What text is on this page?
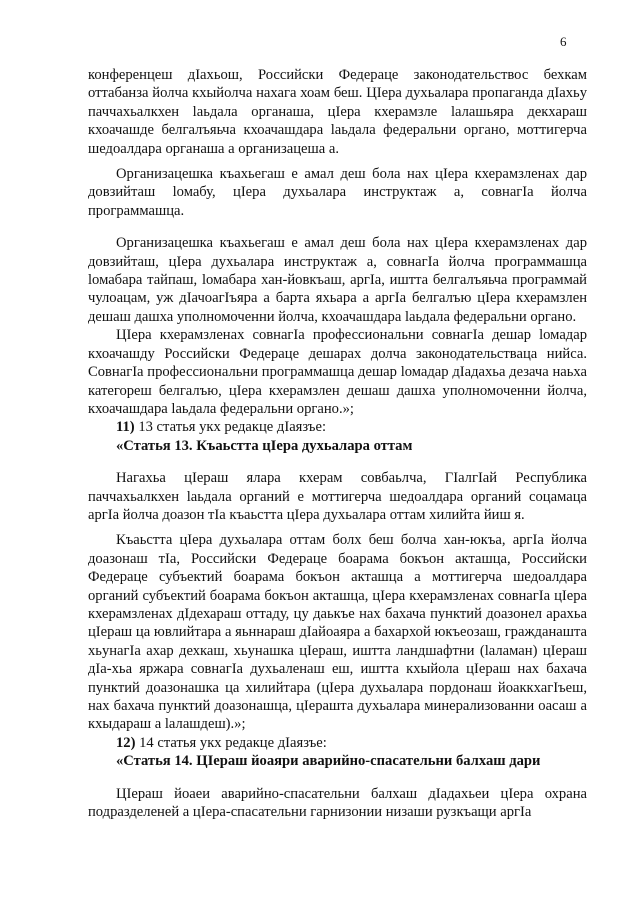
6

конференцеш дIахьош, Российски Федераце законодательствос бехкам оттабанза йолча кхыйолча нахага хоам беш. ЦIера духьалара пропаганда дIахьу паччахьалкхен lаьдала органаша, цIера кхерамзле lалашьяра декхараш кхоачашде белгалъяьча кхоачашдара lаьдала федеральни органо, моттигерча шедоалдара органаша а организацеша а.

Организацешка къахьегаш е амал деш бола нах цIера кхерамзленах дар довзийташ lомабу, цIера духьалара инструктаж а, совнагIа йолча программашца.

Организацешка къахьегаш е амал деш бола нах цIера кхерамзленах дар довзийташ, цIера духьалара инструктаж а, совнагIа йолча программашца lомабара тайпаш, lомабара хан-йовкъаш, аргIа, иштта белгалъяьча программай чулоацам, уж дIачоагIъяра а барта яхьара а аргIа белгалъю цIера кхерамзлен дешаш дашха уполномоченни йолча, кхоачашдара lаьдала федеральни органо.

ЦIера кхерамзленах совнагIа профессиональни совнагIа дешар lомадар кхоачашду Российски Федераце дешарах долча законодательстваца нийса. СовнагIа профессиональни программашца дешар lомадар дIадахьа дезача наьха категореш белгалъю, цIера кхерамзлен дешаш дашха уполномоченни йолча, кхоачашдара lаьдала федеральни органо.»;

11) 13 статья укх редакце дIаязъе:

«Статья 13. Къаьстта цIера духьалара оттам

Нагахьа цIераш ялара кхерам совбаьлча, ГIалгIай Республика паччахьалкхен lаьдала органий е моттигерча шедоалдара органий соцамаца аргIа йолча доазон тIа къаьстта цIера духьалара оттам хилийта йиш я.

Къаьстта цIера духьалара оттам болх беш болча хан-юкъа, аргIа йолча доазонаш тIа, Российски Федераце боарама бокъон акташца, Российски Федераце субъектий боарама бокъон акташца а моттигерча шедоалдара органий субъектий боарама бокъон акташца, цIера кхерамзленах совнагIа цIера кхерамзленах дIдехараш оттаду, цу даькъе нах бахача пунктий доазонел арахьа цIераш ца ювлийтара а яьннараш дIайоаяра а бахархой юкъеозаш, гражданашта хьунагIа ахар дехкаш, хьунашка цIераш, иштта ландшафтни (lаламан) цIераш дIа-хьа яржара совнагIа духьаленаш еш, иштта кхыйола цIераш нах бахача пунктий доазонашка ца хилийтара (цIера духьалара пордонаш йоаккхагIъеш, нах бахача пунктий доазонашца, цIерашта духьалара минерализованни оасаш а кхыдараш а lалашдеш).»;

12) 14 статья укх редакце дIаязъе:

«Статья 14. ЦIераш йоаяри аварийно-спасательни балхаш дари

ЦIераш йоаеи аварийно-спасательни балхаш дIадахьеи цIера охрана подразделеней а цIера-спасательни гарнизонии низаши рузкъащи аргIа
